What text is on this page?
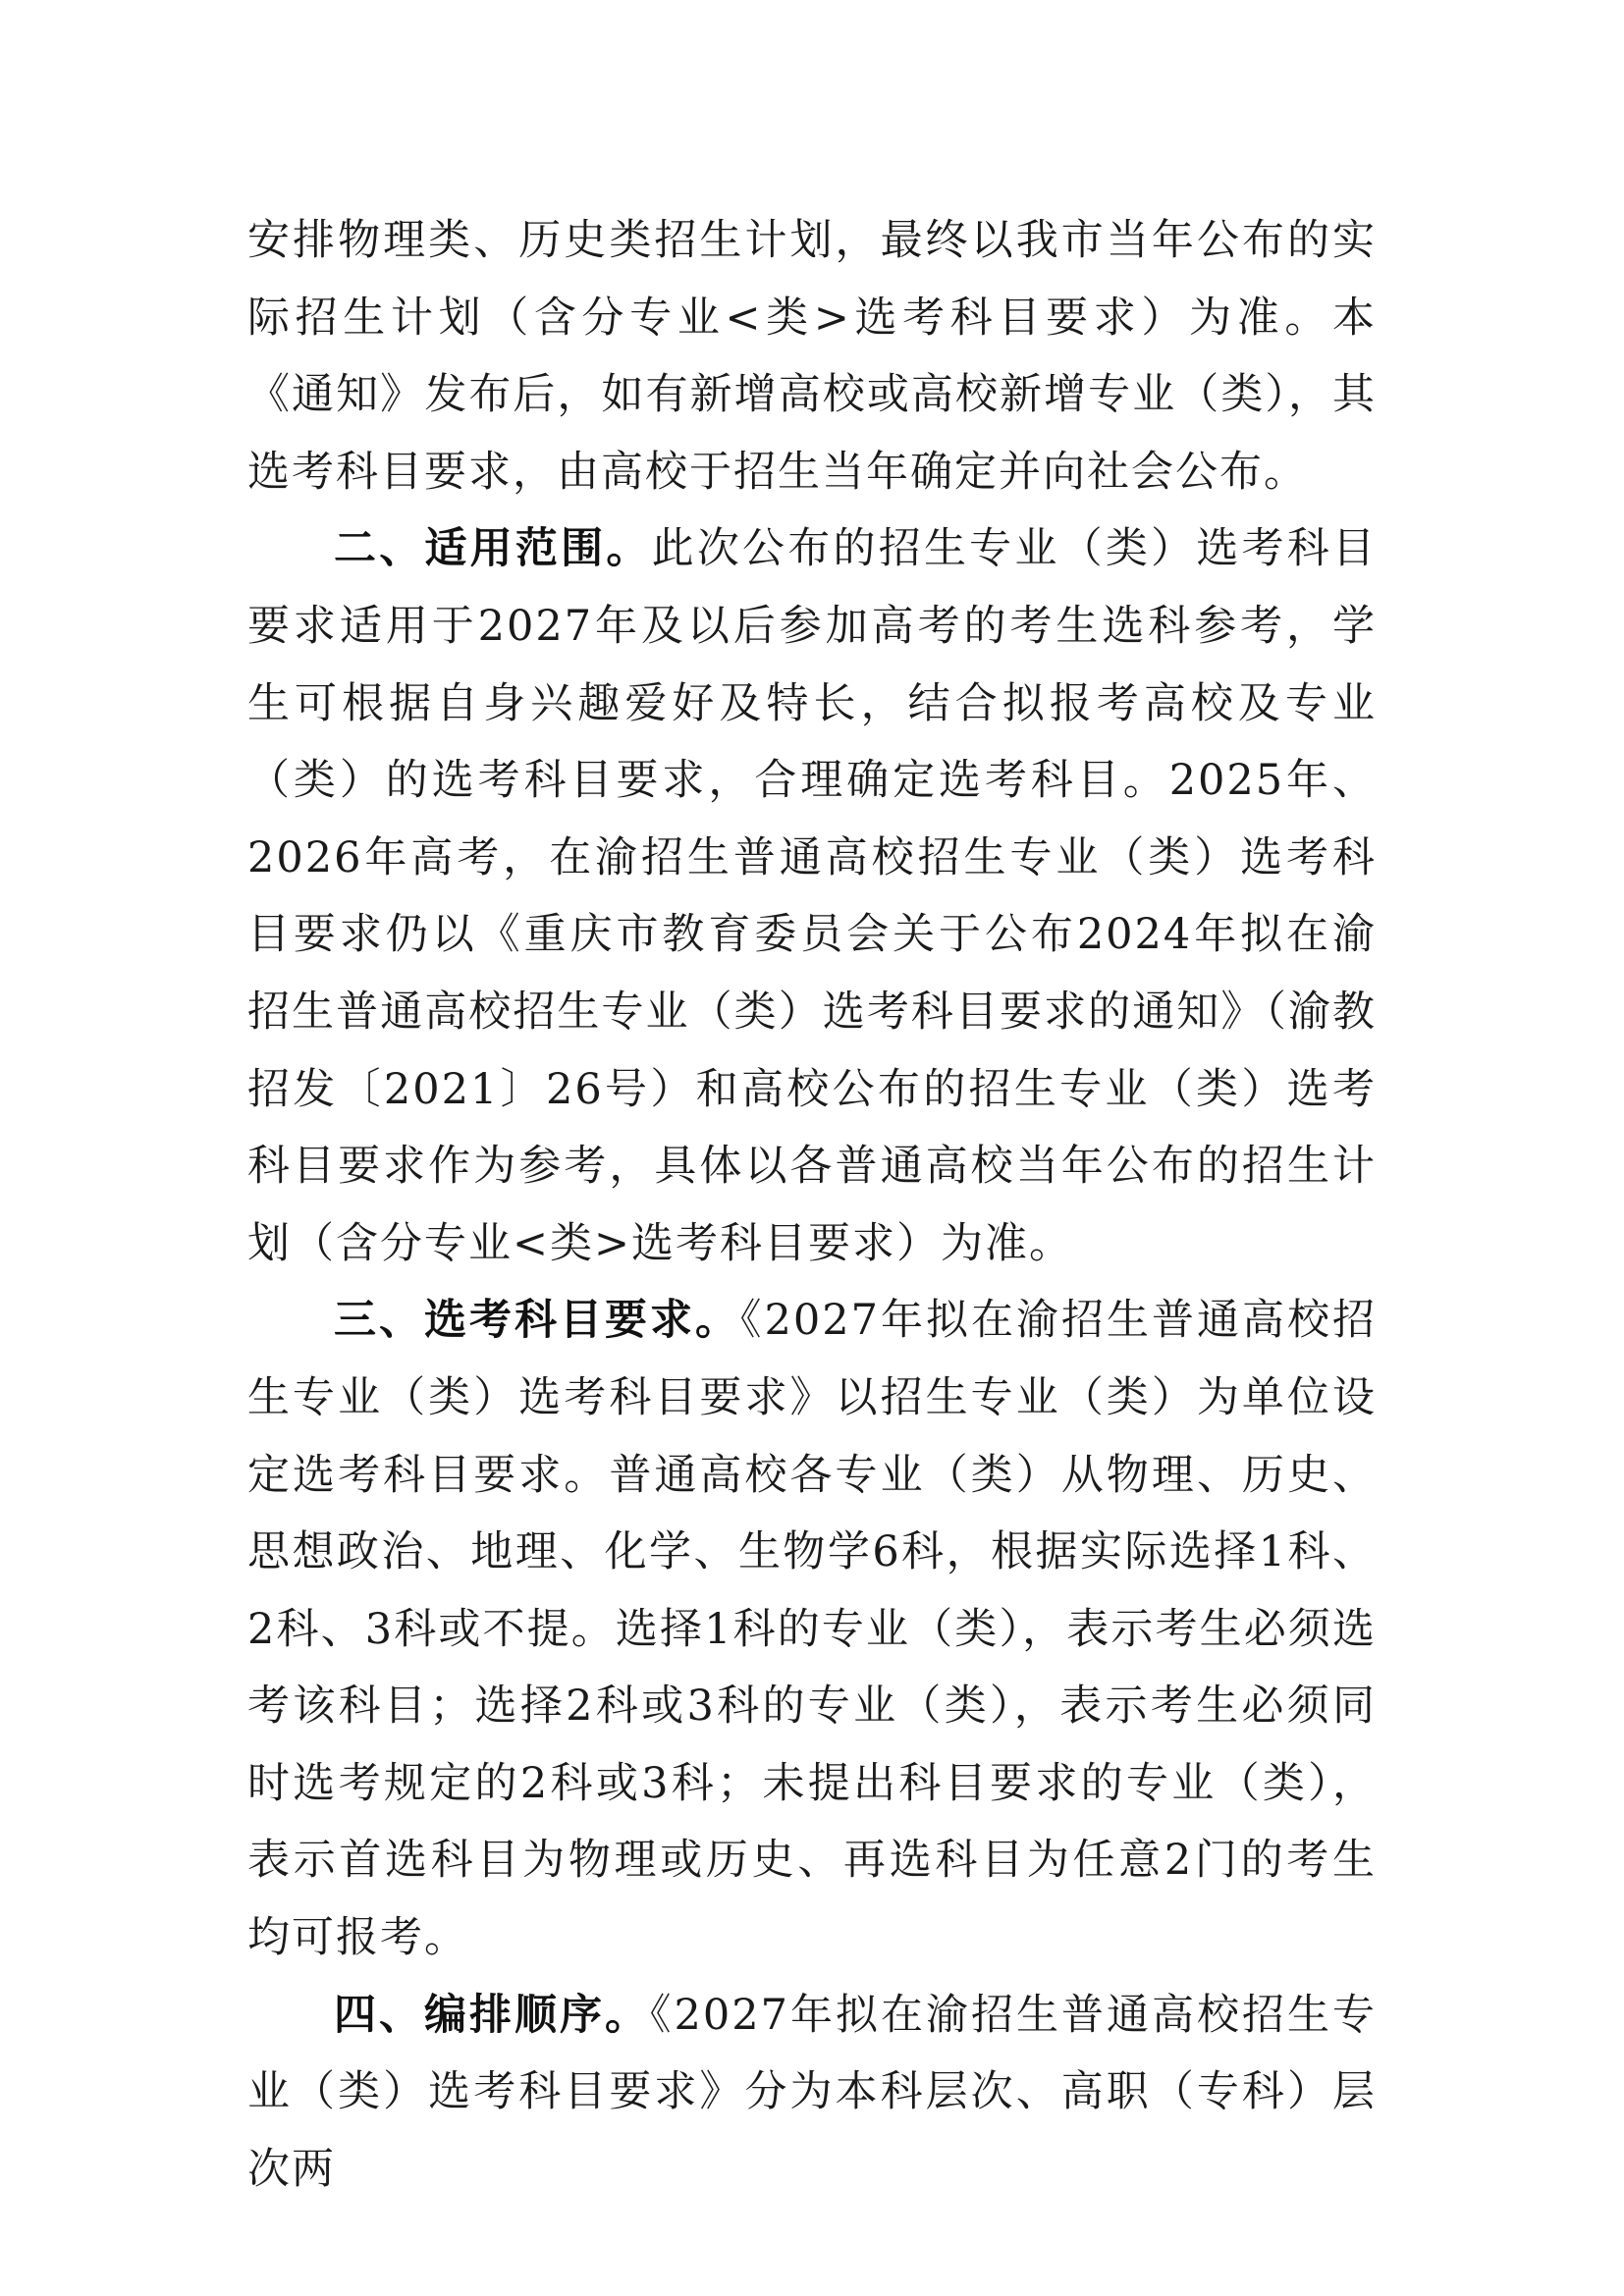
安排物理类、历史类招生计划，最终以我市当年公布的实际招生计划（含分专业<类>选考科目要求）为准。本《通知》发布后，如有新增高校或高校新增专业（类），其选考科目要求，由高校于招生当年确定并向社会公布。

二、适用范围。此次公布的招生专业（类）选考科目要求适用于2027年及以后参加高考的考生选科参考，学生可根据自身兴趣爱好及特长，结合拟报考高校及专业（类）的选考科目要求，合理确定选考科目。2025年、2026年高考，在渝招生普通高校招生专业（类）选考科目要求仍以《重庆市教育委员会关于公布2024年拟在渝招生普通高校招生专业（类）选考科目要求的通知》（渝教招发〔2021〕26号）和高校公布的招生专业（类）选考科目要求作为参考，具体以各普通高校当年公布的招生计划（含分专业<类>选考科目要求）为准。

三、选考科目要求。《2027年拟在渝招生普通高校招生专业（类）选考科目要求》以招生专业（类）为单位设定选考科目要求。普通高校各专业（类）从物理、历史、思想政治、地理、化学、生物学6科，根据实际选择1科、2科、3科或不提。选择1科的专业（类），表示考生必须选考该科目；选择2科或3科的专业（类），表示考生必须同时选考规定的2科或3科；未提出科目要求的专业（类），表示首选科目为物理或历史、再选科目为任意2门的考生均可报考。

四、编排顺序。《2027年拟在渝招生普通高校招生专业（类）选考科目要求》分为本科层次、高职（专科）层次两
